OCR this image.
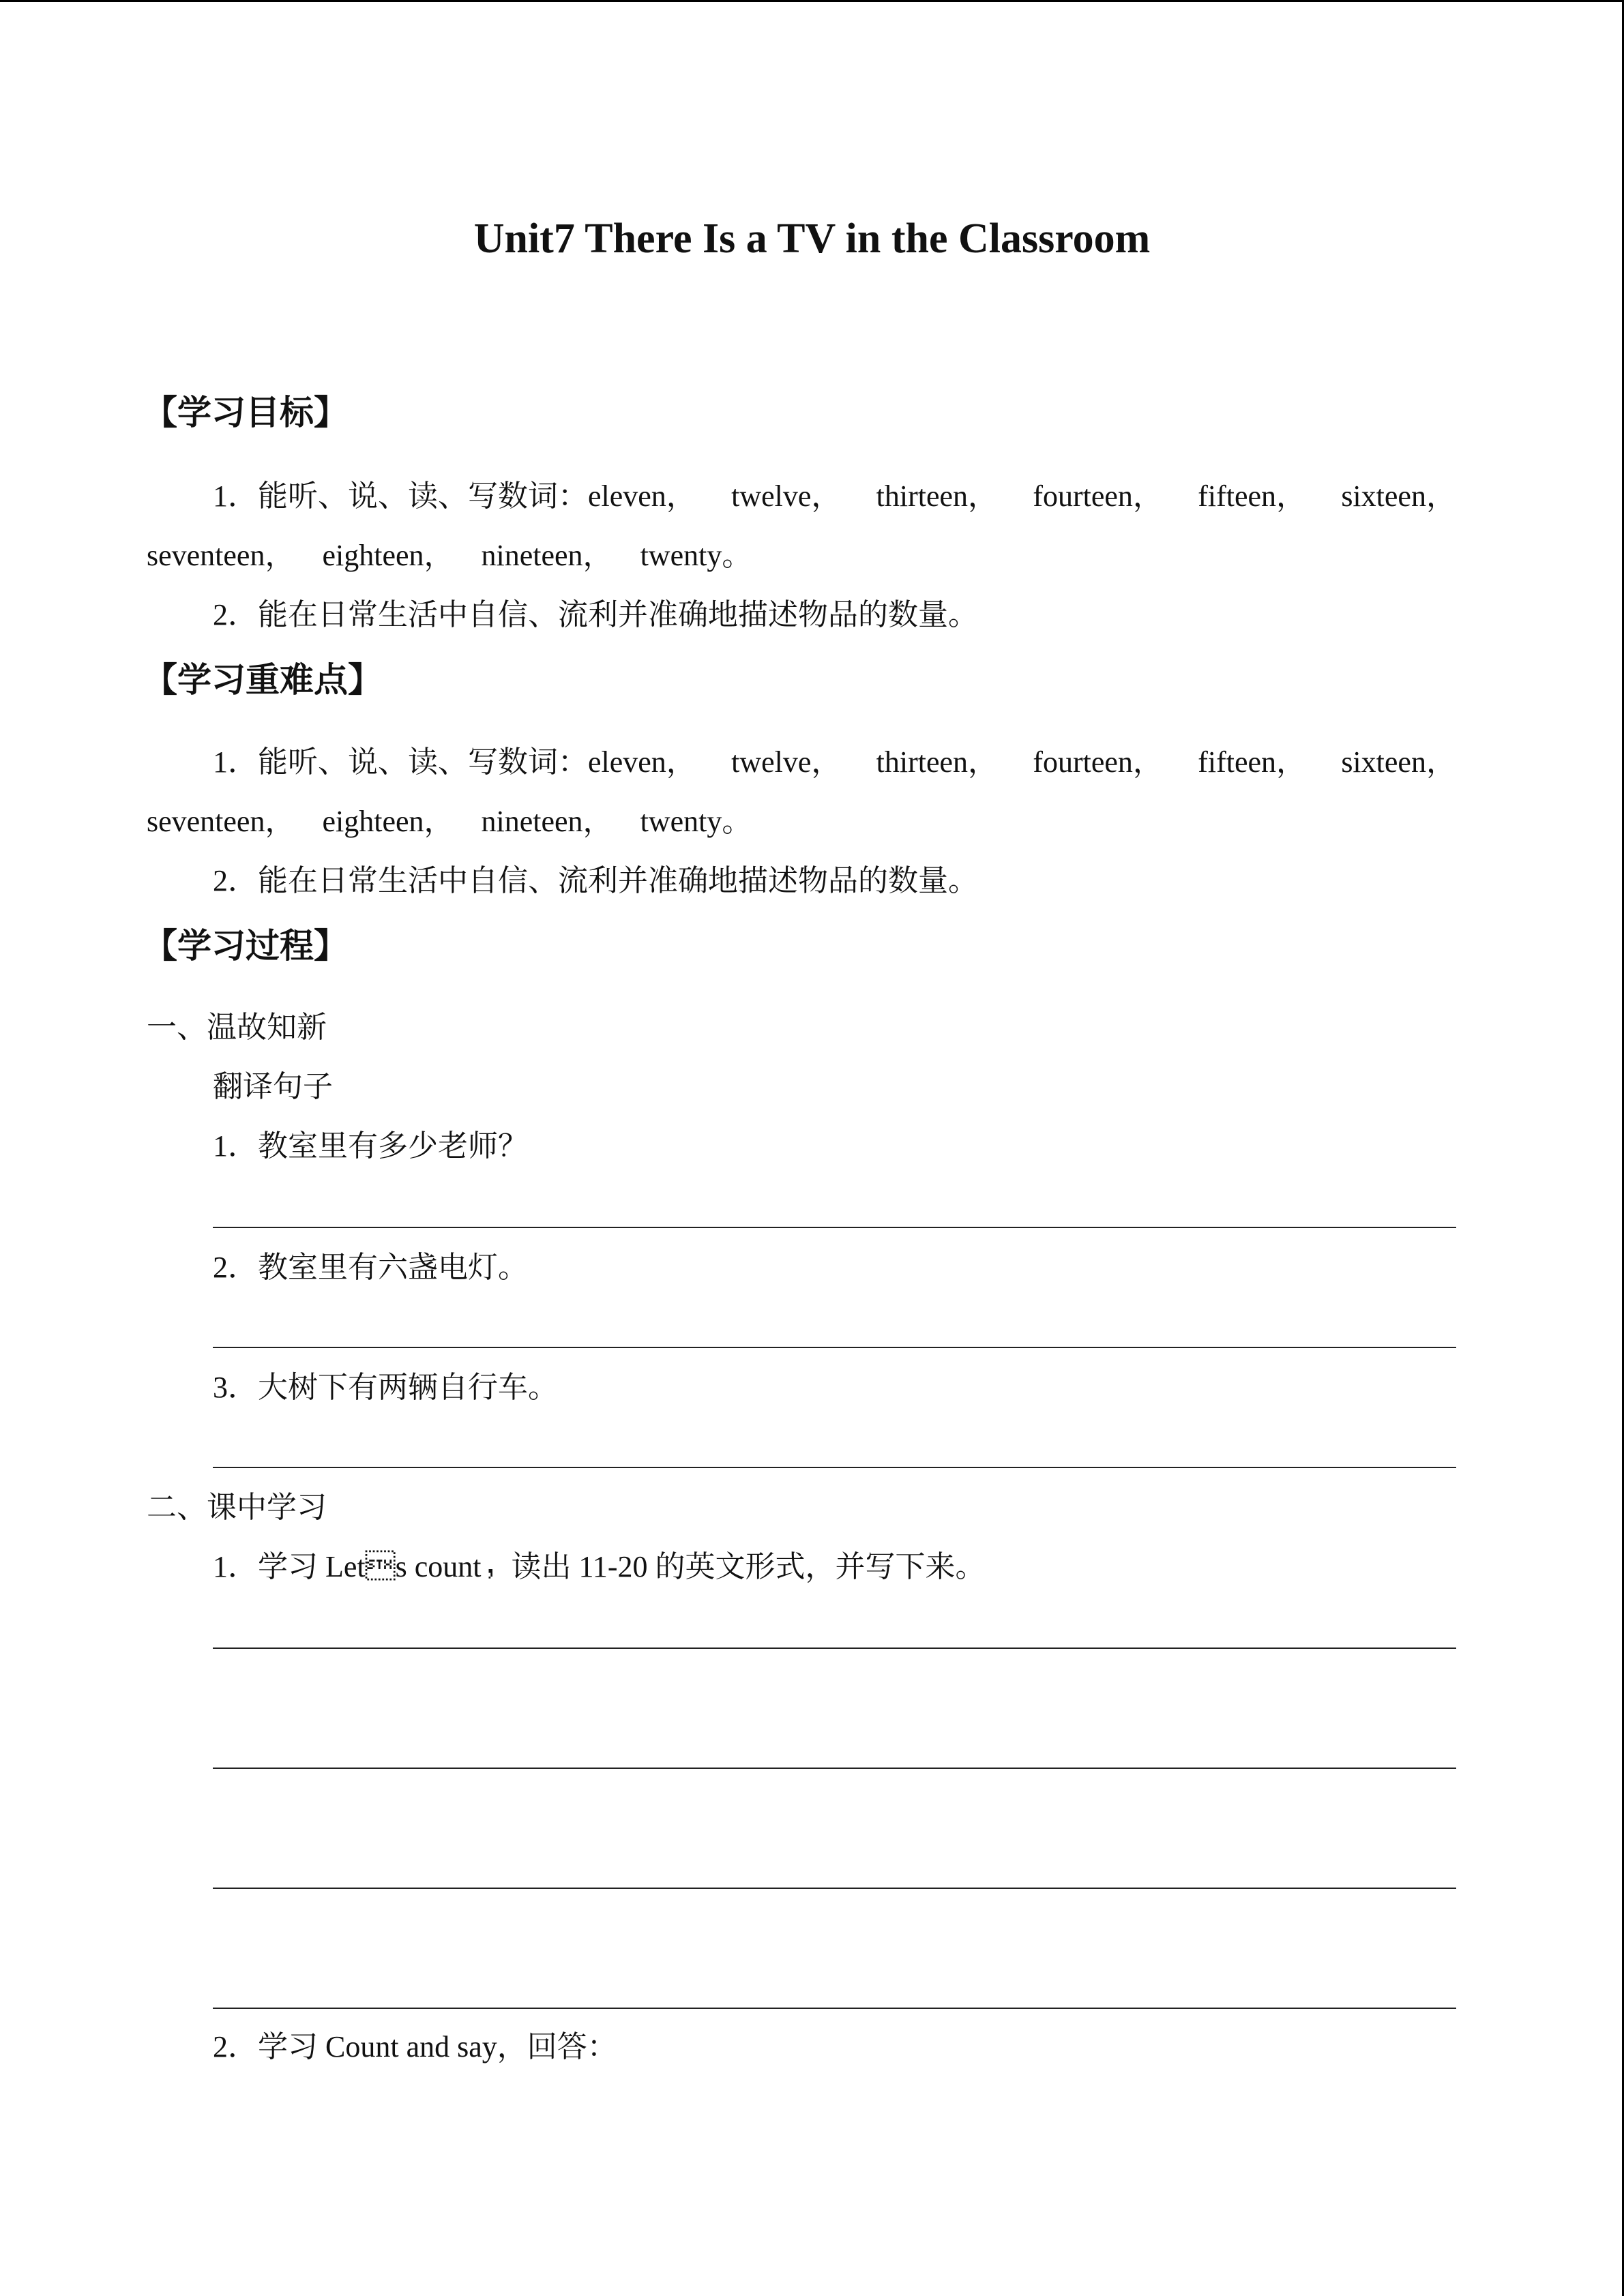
Unit7 There Is a TV in the Classroom
【学习目标】
1．能听、说、读、写数词：eleven， twelve， thirteen， fourteen， fifteen， sixteen，
seventeen， eighteen， nineteen， twenty。
2．能在日常生活中自信、流利并准确地描述物品的数量。
【学习重难点】
1．能听、说、读、写数词：eleven， twelve， thirteen， fourteen， fifteen， sixteen，
seventeen， eighteen， nineteen， twenty。
2．能在日常生活中自信、流利并准确地描述物品的数量。
【学习过程】
一、温故知新
翻译句子
1．教室里有多少老师？
2．教室里有六盏电灯。
3．大树下有两辆自行车。
二、课中学习
1．学习 Lets count，读出 11-20 的英文形式，并写下来。
2．学习 Count and say，回答：
